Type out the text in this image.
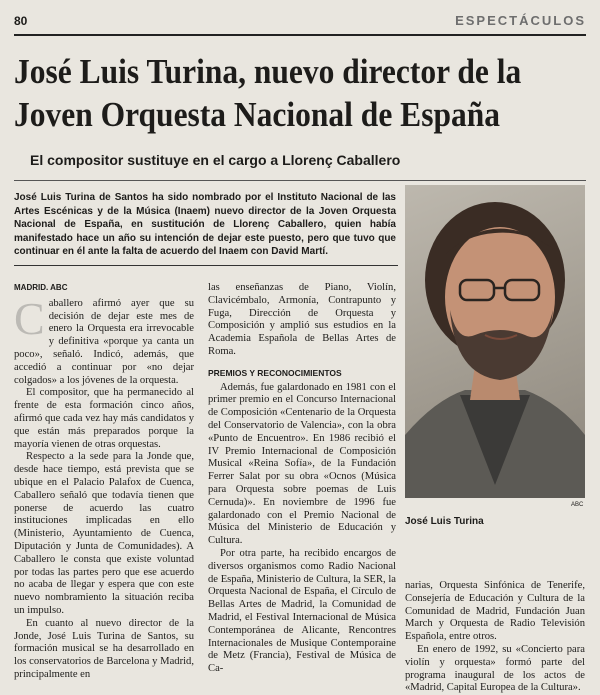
80	ESPECTÁCULOS
José Luis Turina, nuevo director de la Joven Orquesta Nacional de España
El compositor sustituye en el cargo a Llorenç Caballero

José Luis Turina de Santos ha sido nombrado por el Instituto Nacional de las Artes Escénicas y de la Música (Inaem) nuevo director de la Joven Orquesta Nacional de España, en sustitución de Llorenç Caballero, quien había manifestado hace un año su intención de dejar este puesto, pero que tuvo que continuar en él ante la falta de acuerdo del Inaem con David Martí.

ABC
José Luis Turina
MADRID. ABC

Caballero afirmó ayer que su decisión de dejar este mes de enero la Orquesta era irrevocable y definitiva «porque ya canta un poco», señaló. Indicó, además, que accedió a continuar por «no dejar colgados» a los jóvenes de la orquesta.

El compositor, que ha permanecido al frente de esta formación cinco años, afirmó que cada vez hay más candidatos y que están más preparados porque la mayoría vienen de otras orquestas.

Respecto a la sede para la Jonde que, desde hace tiempo, está prevista que se ubique en el Palacio Palafox de Cuenca, Caballero señaló que todavía tienen que ponerse de acuerdo las cuatro instituciones implicadas en ello (Ministerio, Ayuntamiento de Cuenca, Diputación y Junta de Comunidades). A Caballero le consta que existe voluntad por todas las partes pero que ese acuerdo no acaba de llegar y espera que con este nuevo nombramiento la situación reciba un impulso.

En cuanto al nuevo director de la Jonde, José Luis Turina de Santos, su formación musical se ha desarrollado en los conservatorios de Barcelona y Madrid, principalmente en

las enseñanzas de Piano, Violín, Clavicémbalo, Armonía, Contrapunto y Fuga, Dirección de Orquesta y Composición y amplió sus estudios en la Academia Española de Bellas Artes de Roma.

PREMIOS Y RECONOCIMIENTOS

Además, fue galardonado en 1981 con el primer premio en el Concurso Internacional de Composición «Centenario de la Orquesta del Conservatorio de Valencia», con la obra «Punto de Encuentro». En 1986 recibió el IV Premio Internacional de Composición Musical «Reina Sofía», de la Fundación Ferrer Salat por su obra «Ocnos (Música para Orquesta sobre poemas de Luis Cernuda)». En noviembre de 1996 fue galardonado con el Premio Nacional de Música del Ministerio de Educación y Cultura.

Por otra parte, ha recibido encargos de diversos organismos como Radio Nacional de España, Ministerio de Cultura, la SER, la Orquesta Nacional de España, el Círculo de Bellas Artes de Madrid, la Comunidad de Madrid, el Festival Internacional de Música Contemporánea de Alicante, Rencontres Internacionales de Musique Contemporaine de Metz (Francia), Festival de Música de Ca-

narias, Orquesta Sinfónica de Tenerife, Consejería de Educación y Cultura de la Comunidad de Madrid, Fundación Juan March y Orquesta de Radio Televisión Española, entre otros.

En enero de 1992, su «Concierto para violín y orquesta» formó parte del programa inaugural de los actos de «Madrid, Capital Europea de la Cultura».
